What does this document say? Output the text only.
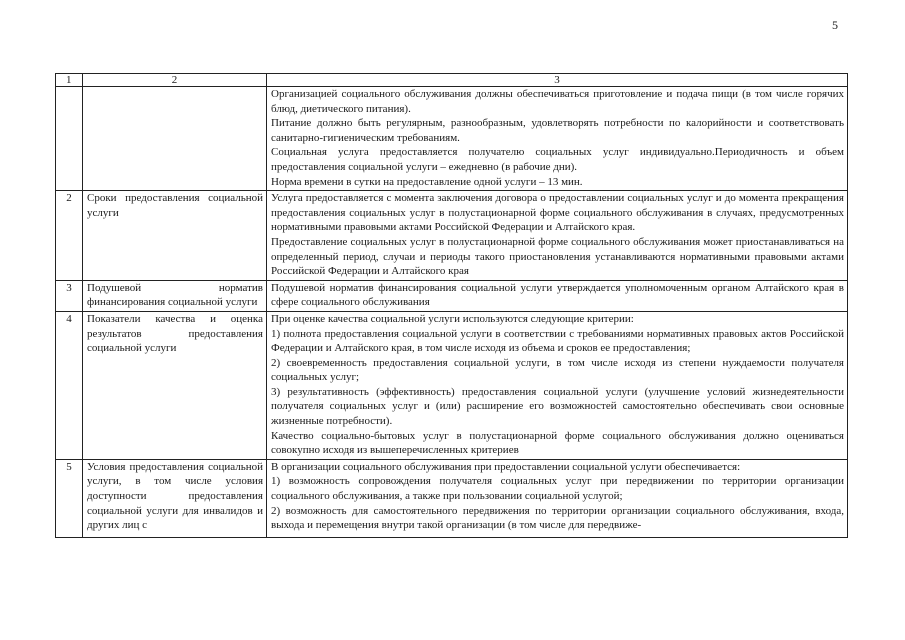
5
1	2	3

		Организацией социального обслуживания должны обеспечиваться приготовление и подача пищи (в том числе горячих блюд, диетического питания).

Питание должно быть регулярным, разнообразным, удовлетворять потребности по калорийности и соответствовать санитарно-гигиеническим требованиям.

Социальная услуга предоставляется получателю социальных услуг индивидуально.Периодичность и объем предоставления социальной услуги – ежедневно (в рабочие дни).

Норма времени в сутки на предоставление одной услуги – 13 мин.

2	Сроки предоставления социальной услуги	Услуга предоставляется с момента заключения договора о предоставлении социальных услуг и до момента прекращения предоставления социальных услуг в полустационарной форме социального обслуживания в случаях, предусмотренных нормативными правовыми актами Российской Федерации и Алтайского края.

Предоставление социальных услуг в полустационарной форме социального обслуживания может приостанавливаться на определенный период, случаи и периоды такого приостановления устанавливаются нормативными правовыми актами Российской Федерации и Алтайского края

3	Подушевой норматив финансирования социальной услуги	Подушевой норматив финансирования социальной услуги утверждается уполномоченным органом Алтайского края в сфере социального обслуживания

4	Показатели качества и оценка результатов предоставления социальной услуги	При оценке качества социальной услуги используются следующие критерии:

1) полнота предоставления социальной услуги в соответствии с требованиями нормативных правовых актов Российской Федерации и Алтайского края, в том числе исходя из объема и сроков ее предоставления;

2) своевременность предоставления социальной услуги, в том числе исходя из степени нуждаемости получателя социальных услуг;

3) результативность (эффективность) предоставления социальной услуги (улучшение условий жизнедеятельности получателя социальных услуг и (или) расширение его возможностей самостоятельно обеспечивать свои основные жизненные потребности).

Качество социально-бытовых услуг в полустационарной форме социального обслуживания должно оцениваться совокупно исходя из вышеперечисленных критериев

5	Условия предоставления социальной услуги, в том числе условия доступности предоставления социальной услуги для инвалидов и других лиц с	В организации социального обслуживания при предоставлении социальной услуги обеспечивается:

1) возможность сопровождения получателя социальных услуг при передвижении по территории организации социального обслуживания, а также при пользовании социальной услугой;

2) возможность для самостоятельного передвижения по территории организации социального обслуживания, входа, выхода и перемещения внутри такой организации (в том числе для передвиже-
